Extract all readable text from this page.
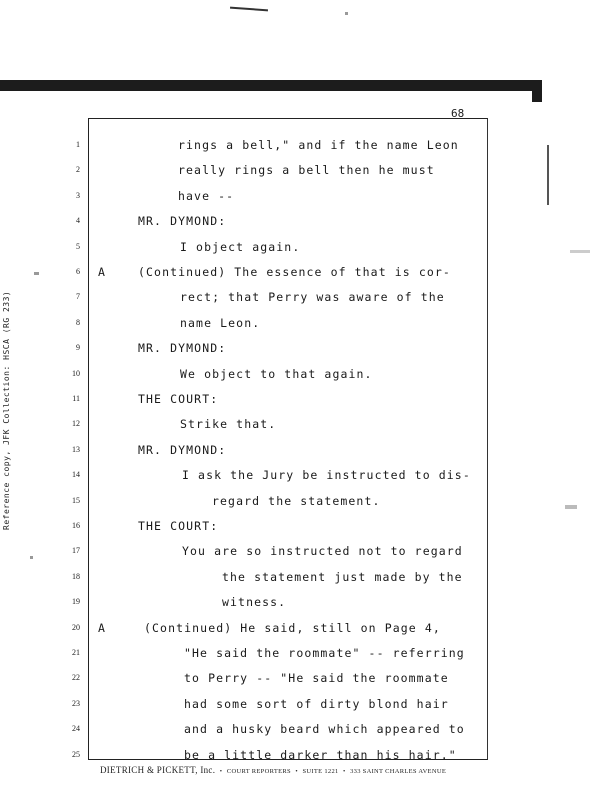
Reference copy, JFK Collection: HSCA (RG 233)
68
1	rings a bell," and if the name Leon
2	really rings a bell then he must
3	have --
4	MR. DYMOND:
5	I object again.
6 A	(Continued) The essence of that is cor-
7	rect; that Perry was aware of the
8	name Leon.
9	MR. DYMOND:
10	We object to that again.
11	THE COURT:
12	Strike that.
13	MR. DYMOND:
14	I ask the Jury be instructed to dis-
15	regard the statement.
16	THE COURT:
17	You are so instructed not to regard
18	the statement just made by the
19	witness.
20 A	(Continued) He said, still on Page 4,
21	"He said the roommate" -- referring
22	to Perry -- "He said the roommate
23	had some sort of dirty blond hair
24	and a husky beard which appeared to
25	be a little darker than his hair."
DIETRICH & PICKETT, Inc.  •  COURT REPORTERS  •  SUITE 1221  •  333 SAINT CHARLES AVENUE
